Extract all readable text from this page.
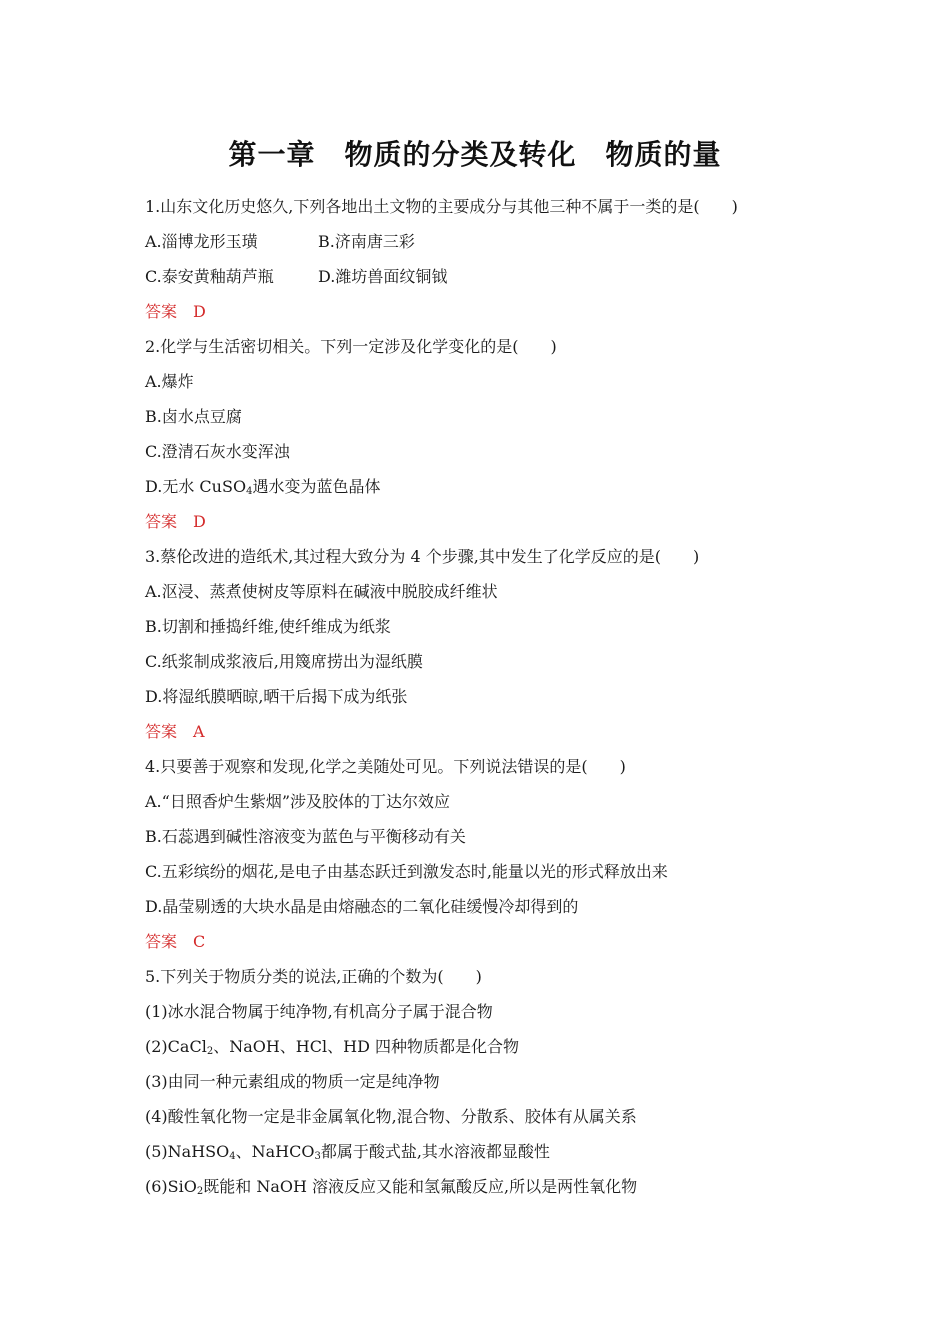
第一章　物质的分类及转化　物质的量
1.山东文化历史悠久,下列各地出土文物的主要成分与其他三种不属于一类的是(　　)
A.淄博龙形玉璜	B.济南唐三彩
C.泰安黄釉葫芦瓶	D.潍坊兽面纹铜钺
答案　D
2.化学与生活密切相关。下列一定涉及化学变化的是(　　)
A.爆炸
B.卤水点豆腐
C.澄清石灰水变浑浊
D.无水 CuSO$_4$遇水变为蓝色晶体
答案　D
3.蔡伦改进的造纸术,其过程大致分为 4 个步骤,其中发生了化学反应的是(　　)
A.沤浸、蒸煮使树皮等原料在碱液中脱胶成纤维状
B.切割和捶捣纤维,使纤维成为纸浆
C.纸浆制成浆液后,用篾席捞出为湿纸膜
D.将湿纸膜晒晾,晒干后揭下成为纸张
答案　A
4.只要善于观察和发现,化学之美随处可见。下列说法错误的是(　　)
A.“日照香炉生紫烟”涉及胶体的丁达尔效应
B.石蕊遇到碱性溶液变为蓝色与平衡移动有关
C.五彩缤纷的烟花,是电子由基态跃迁到激发态时,能量以光的形式释放出来
D.晶莹剔透的大块水晶是由熔融态的二氧化硅缓慢冷却得到的
答案　C
5.下列关于物质分类的说法,正确的个数为(　　)
(1)冰水混合物属于纯净物,有机高分子属于混合物
(2)CaCl$_2$、NaOH、HCl、HD 四种物质都是化合物
(3)由同一种元素组成的物质一定是纯净物
(4)酸性氧化物一定是非金属氧化物,混合物、分散系、胶体有从属关系
(5)NaHSO$_4$、NaHCO$_3$都属于酸式盐,其水溶液都显酸性
(6)SiO$_2$既能和 NaOH 溶液反应又能和氢氟酸反应,所以是两性氧化物
